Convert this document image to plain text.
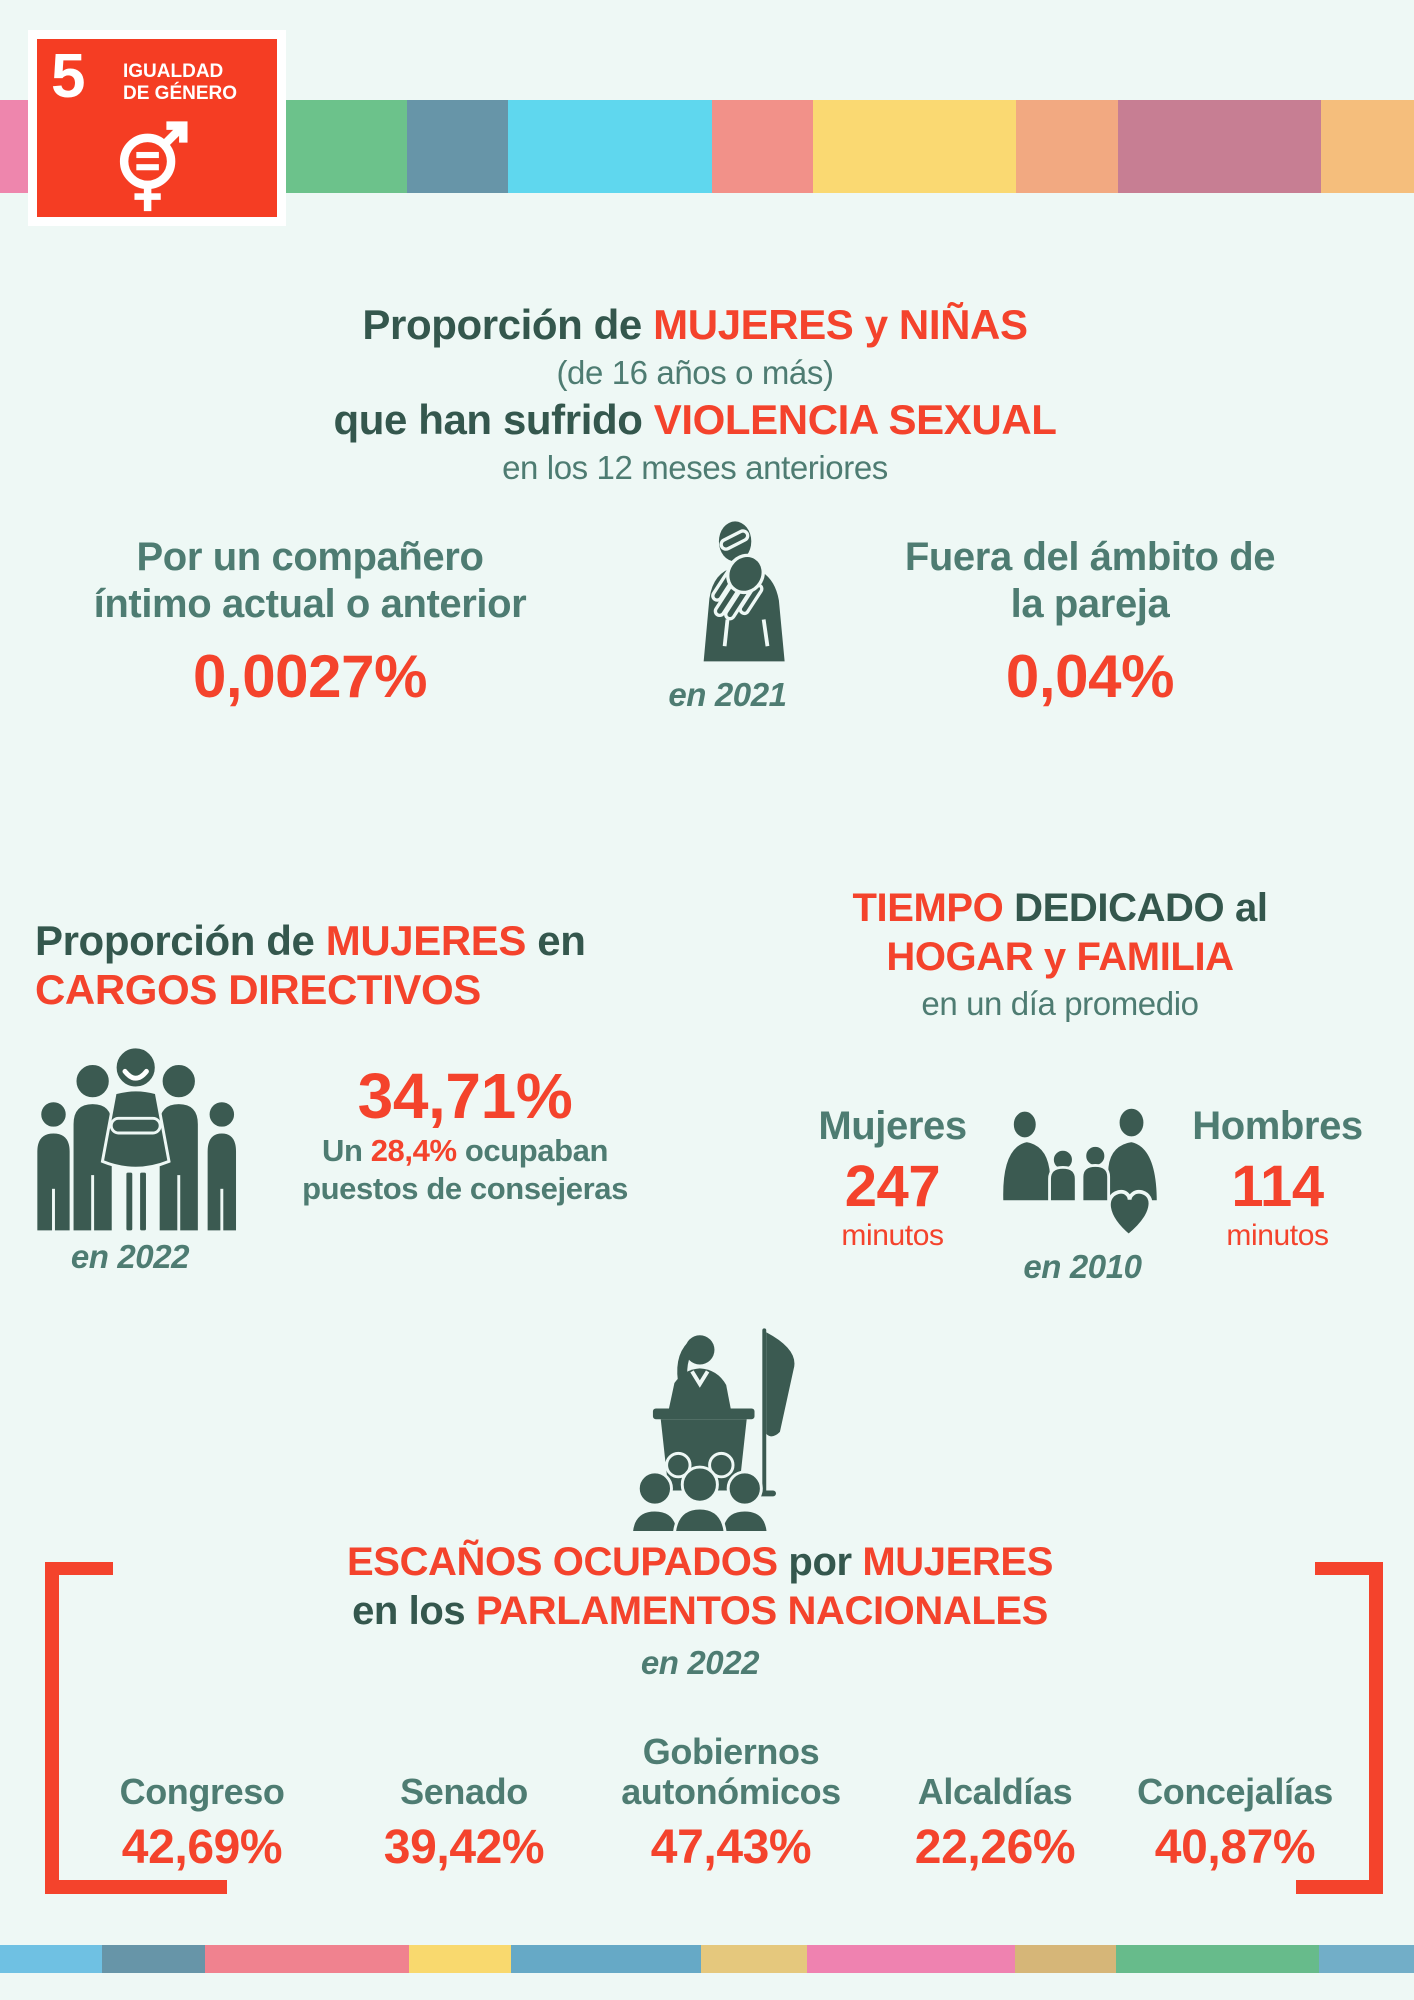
5 IGUALDAD
DE GÉNERO
Proporción de MUJERES y NIÑAS
(de 16 años o más)
que han sufrido VIOLENCIA SEXUAL
en los 12 meses anteriores
Por un compañero
íntimo actual o anterior
0,0027%	en 2021
Fuera del ámbito de
la pareja
0,04%
Proporción de MUJERES en
CARGOS DIRECTIVOS
en 2022
34,71%
Un 28,4% ocupaban
puestos de consejeras
TIEMPO DEDICADO al
HOGAR y FAMILIA
en un día promedio
Mujeres
247
minutos
en 2010
Hombres
114
minutos
ESCAÑOS OCUPADOS por MUJERES
en los PARLAMENTOS NACIONALES
en 2022
Congreso
42,69%
Senado
39,42%
Gobiernos autonómicos
47,43%
Alcaldías
22,26%
Concejalías
40,87%
